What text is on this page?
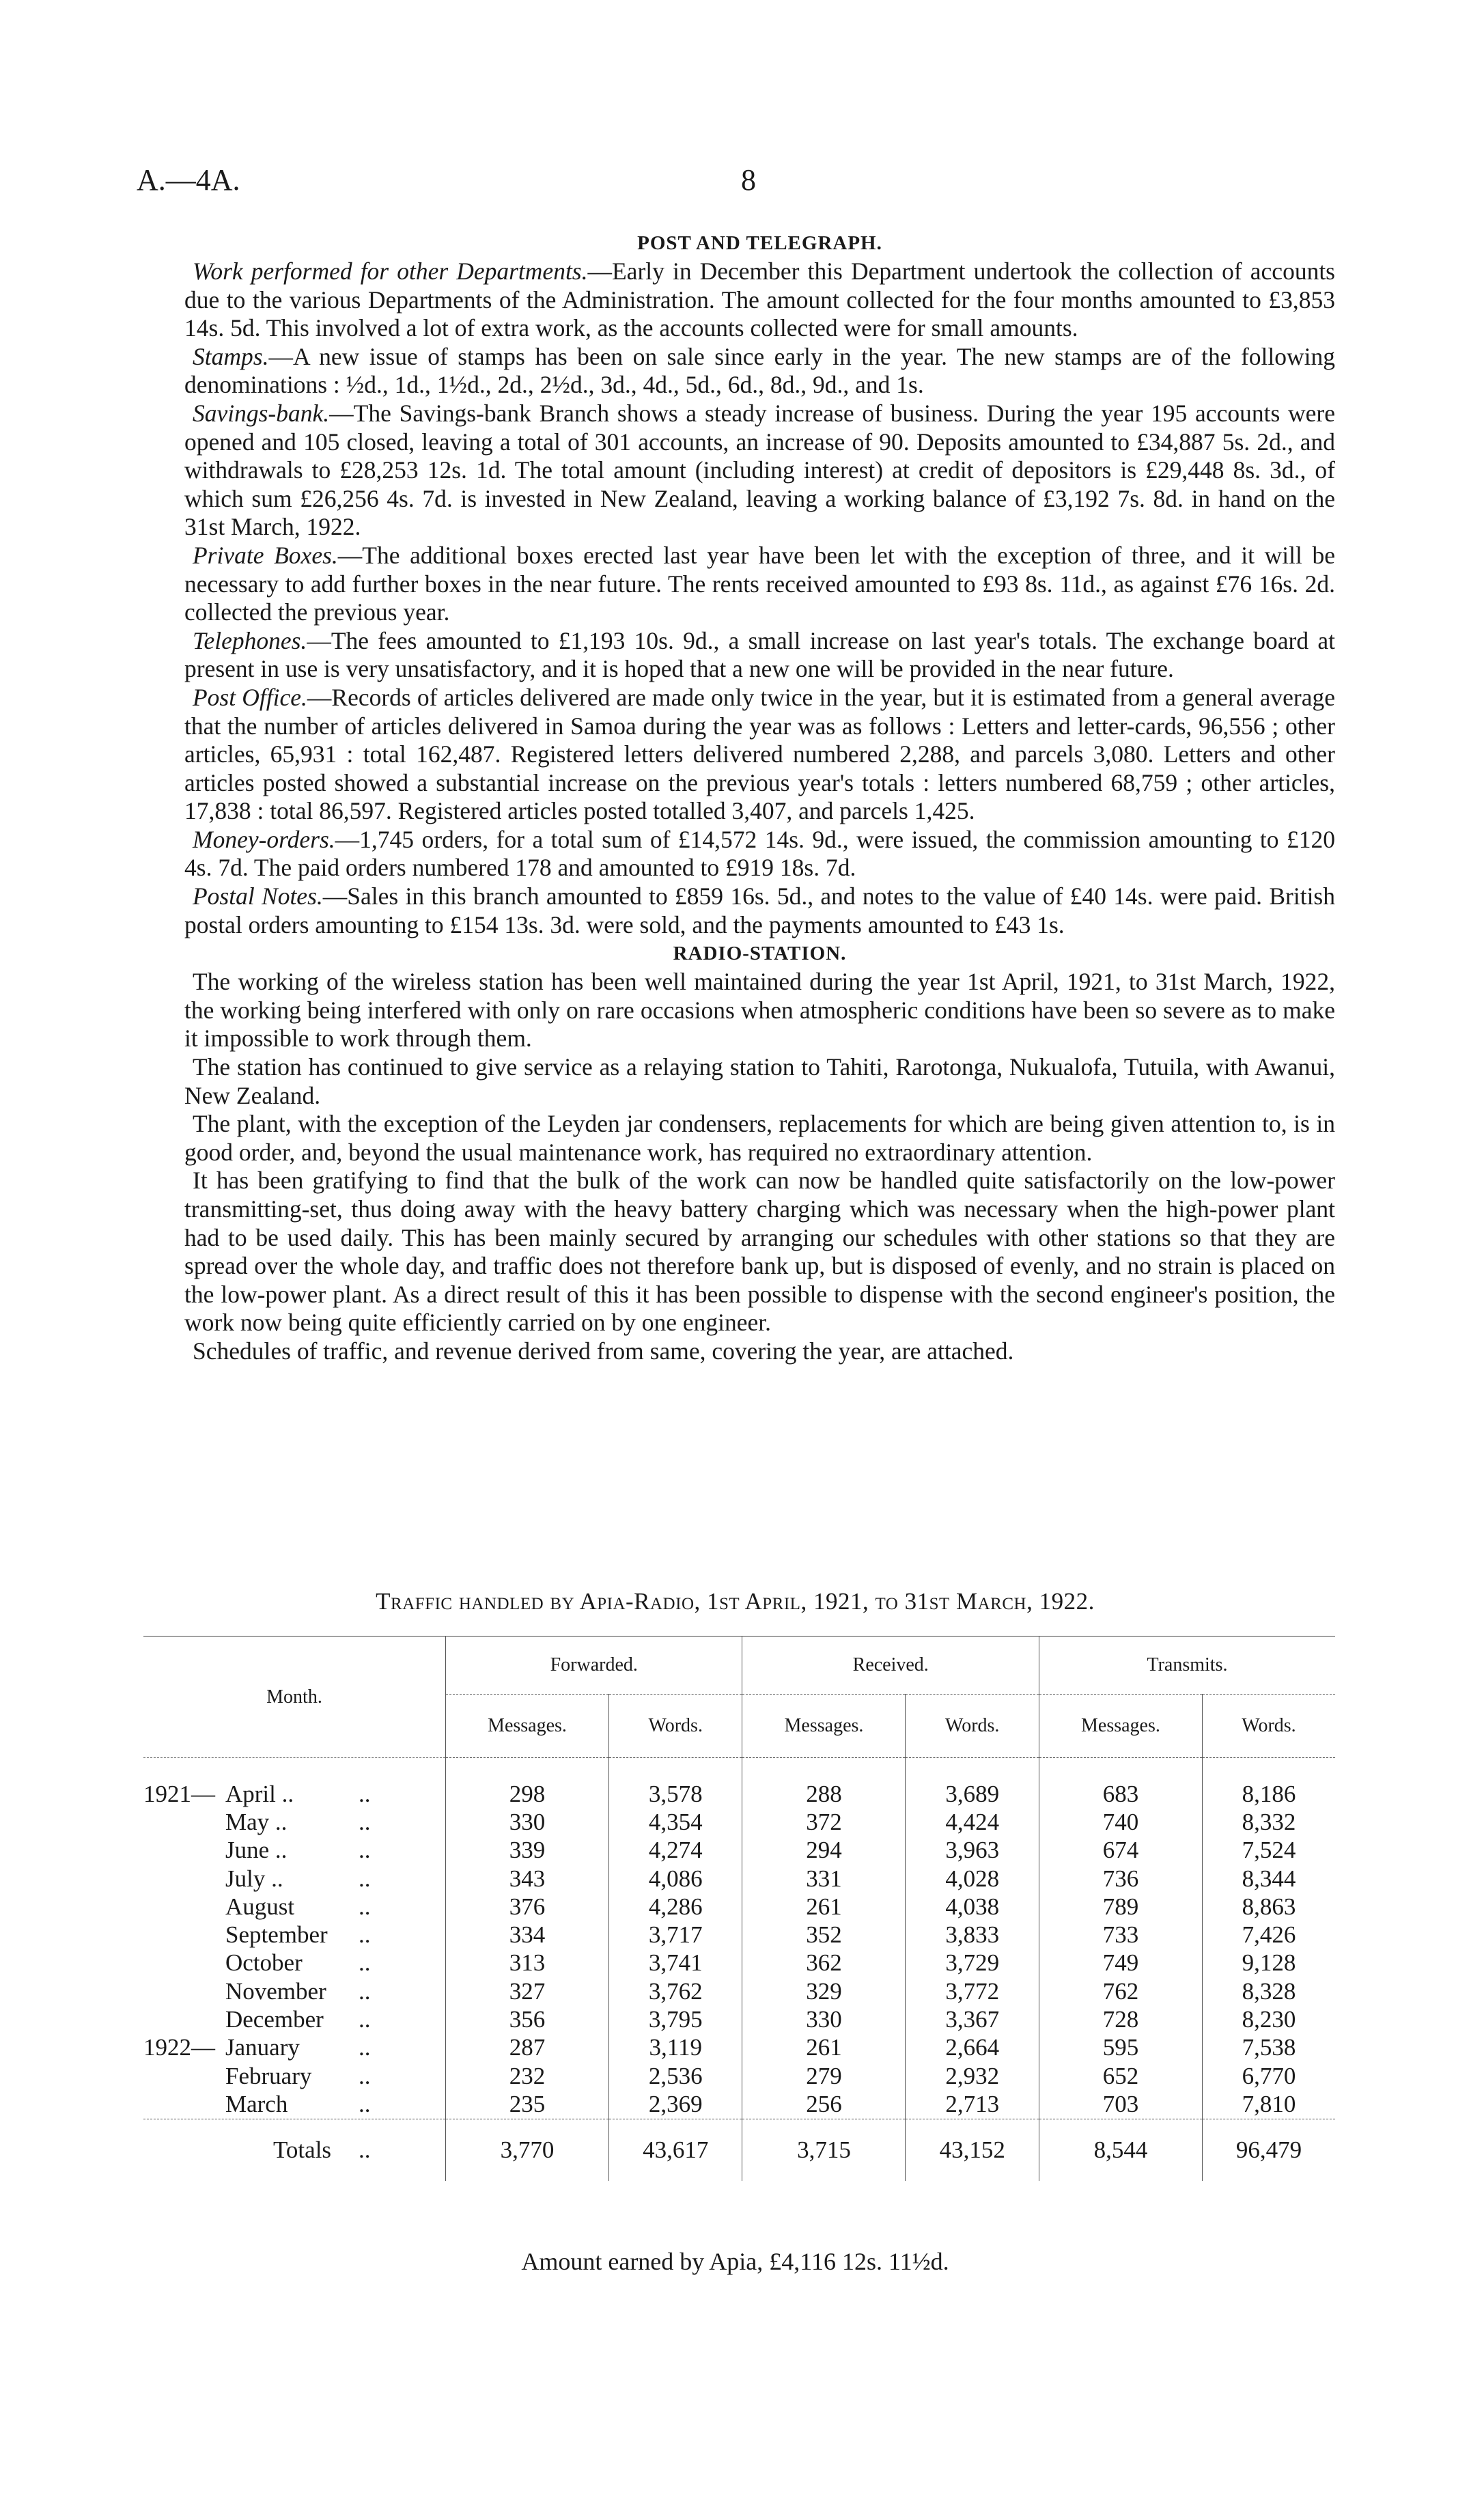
A.—4A.	8
POST AND TELEGRAPH.

Work performed for other Departments.—Early in December this Department undertook the collection of accounts due to the various Departments of the Administration. The amount collected for the four months amounted to £3,853 14s. 5d. This involved a lot of extra work, as the accounts collected were for small amounts.

Stamps.—A new issue of stamps has been on sale since early in the year. The new stamps are of the following denominations : ½d., 1d., 1½d., 2d., 2½d., 3d., 4d., 5d., 6d., 8d., 9d., and 1s.

Savings-bank.—The Savings-bank Branch shows a steady increase of business. During the year 195 accounts were opened and 105 closed, leaving a total of 301 accounts, an increase of 90. Deposits amounted to £34,887 5s. 2d., and withdrawals to £28,253 12s. 1d. The total amount (including interest) at credit of depositors is £29,448 8s. 3d., of which sum £26,256 4s. 7d. is invested in New Zealand, leaving a working balance of £3,192 7s. 8d. in hand on the 31st March, 1922.

Private Boxes.—The additional boxes erected last year have been let with the exception of three, and it will be necessary to add further boxes in the near future. The rents received amounted to £93 8s. 11d., as against £76 16s. 2d. collected the previous year.

Telephones.—The fees amounted to £1,193 10s. 9d., a small increase on last year's totals. The exchange board at present in use is very unsatisfactory, and it is hoped that a new one will be provided in the near future.

Post Office.—Records of articles delivered are made only twice in the year, but it is estimated from a general average that the number of articles delivered in Samoa during the year was as follows : Letters and letter-cards, 96,556 ; other articles, 65,931 : total 162,487. Registered letters delivered numbered 2,288, and parcels 3,080. Letters and other articles posted showed a substantial increase on the previous year's totals : letters numbered 68,759 ; other articles, 17,838 : total 86,597. Registered articles posted totalled 3,407, and parcels 1,425.

Money-orders.—1,745 orders, for a total sum of £14,572 14s. 9d., were issued, the commission amounting to £120 4s. 7d. The paid orders numbered 178 and amounted to £919 18s. 7d.

Postal Notes.—Sales in this branch amounted to £859 16s. 5d., and notes to the value of £40 14s. were paid. British postal orders amounting to £154 13s. 3d. were sold, and the payments amounted to £43 1s.

RADIO-STATION.

The working of the wireless station has been well maintained during the year 1st April, 1921, to 31st March, 1922, the working being interfered with only on rare occasions when atmospheric conditions have been so severe as to make it impossible to work through them.

The station has continued to give service as a relaying station to Tahiti, Rarotonga, Nukualofa, Tutuila, with Awanui, New Zealand.

The plant, with the exception of the Leyden jar condensers, replacements for which are being given attention to, is in good order, and, beyond the usual maintenance work, has required no extraordinary attention.

It has been gratifying to find that the bulk of the work can now be handled quite satisfactorily on the low-power transmitting-set, thus doing away with the heavy battery charging which was necessary when the high-power plant had to be used daily. This has been mainly secured by arranging our schedules with other stations so that they are spread over the whole day, and traffic does not therefore bank up, but is disposed of evenly, and no strain is placed on the low-power plant. As a direct result of this it has been possible to dispense with the second engineer's position, the work now being quite efficiently carried on by one engineer.

Schedules of traffic, and revenue derived from same, covering the year, are attached.

Traffic handled by Apia-Radio, 1st April, 1921, to 31st March, 1922.
Month.	Forwarded.		Received.		Transmits.	
	Messages.	Words.	Messages.	Words.	Messages.	Words.
1921— April .. ..	298	3,578	288	3,689	683	8,186
May .. ..	330	4,354	372	4,424	740	8,332
June .. ..	339	4,274	294	3,963	674	7,524
July .. ..	343	4,086	331	4,028	736	8,344
August ..	376	4,286	261	4,038	789	8,863
September ..	334	3,717	352	3,833	733	7,426
October ..	313	3,741	362	3,729	749	9,128
November ..	327	3,762	329	3,772	762	8,328
December ..	356	3,795	330	3,367	728	8,230
1922— January ..	287	3,119	261	2,664	595	7,538
February ..	232	2,536	279	2,932	652	6,770
March ..	235	2,369	256	2,713	703	7,810
Totals ..	3,770	43,617	3,715	43,152	8,544	96,479
Amount earned by Apia, £4,116 12s. 11½d.
